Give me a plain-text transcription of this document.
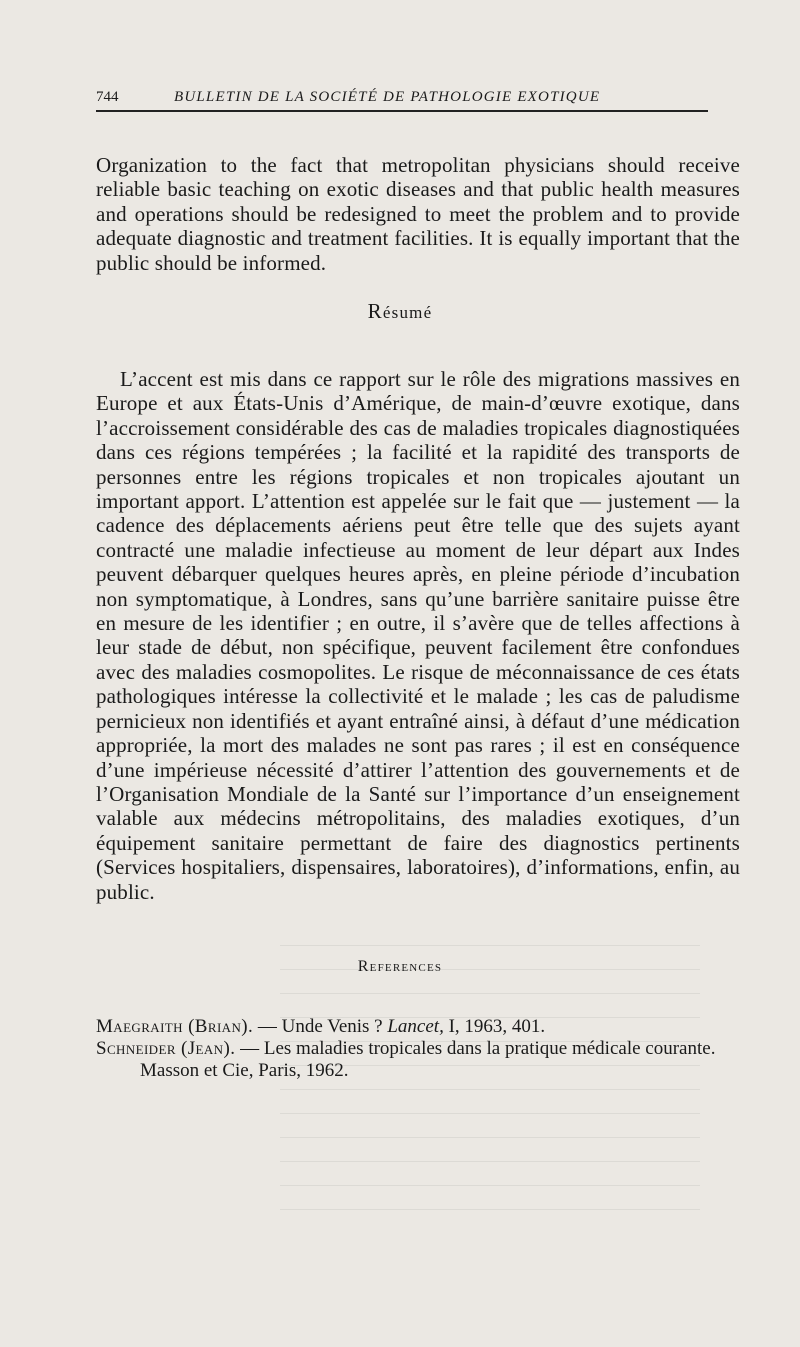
744	BULLETIN DE LA SOCIÉTÉ DE PATHOLOGIE EXOTIQUE

Organization to the fact that metropolitan physicians should receive reliable basic teaching on exotic diseases and that public health measures and operations should be redesigned to meet the problem and to provide adequate diagnostic and treatment facilities. It is equally important that the public should be informed.

Résumé

L’accent est mis dans ce rapport sur le rôle des migrations massives en Europe et aux États-Unis d’Amérique, de main-d’œuvre exotique, dans l’accroissement considérable des cas de maladies tropicales diagnostiquées dans ces régions tempérées ; la facilité et la rapidité des transports de personnes entre les régions tropicales et non tropicales ajoutant un important apport. L’attention est appelée sur le fait que — justement — la cadence des déplacements aériens peut être telle que des sujets ayant contracté une maladie infectieuse au moment de leur départ aux Indes peuvent débarquer quelques heures après, en pleine période d’incubation non symptomatique, à Londres, sans qu’une barrière sanitaire puisse être en mesure de les identifier ; en outre, il s’avère que de telles affections à leur stade de début, non spécifique, peuvent facilement être confondues avec des maladies cosmopolites. Le risque de méconnaissance de ces états pathologiques intéresse la collectivité et le malade ; les cas de paludisme pernicieux non identifiés et ayant entraîné ainsi, à défaut d’une médication appropriée, la mort des malades ne sont pas rares ; il est en conséquence d’une impérieuse nécessité d’attirer l’attention des gouvernements et de l’Organisation Mondiale de la Santé sur l’importance d’un enseignement valable aux médecins métropolitains, des maladies exotiques, d’un équipement sanitaire permettant de faire des diagnostics pertinents (Services hospitaliers, dispensaires, laboratoires), d’informations, enfin, au public.

References

Maegraith (Brian). — Unde Venis ? Lancet, I, 1963, 401.

Schneider (Jean). — Les maladies tropicales dans la pratique médicale courante. Masson et Cie, Paris, 1962.
